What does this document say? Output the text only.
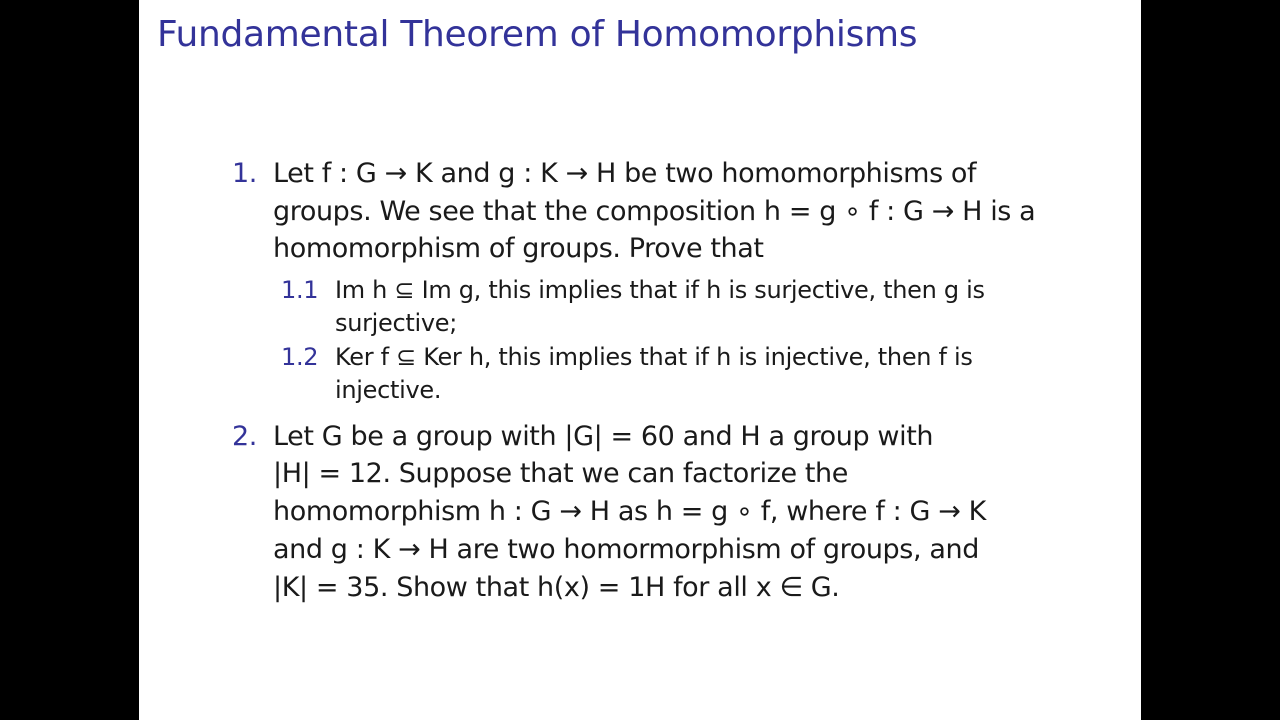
Fundamental Theorem of Homomorphisms
1. Let f : G → K and g : K → H be two homomorphisms of
groups. We see that the composition h = g ∘ f : G → H is a
homomorphism of groups. Prove that
1.1 Im h ⊆ Im g, this implies that if h is surjective, then g is
surjective;
1.2 Ker f ⊆ Ker h, this implies that if h is injective, then f is
injective.
2. Let G be a group with |G| = 60 and H a group with
|H| = 12. Suppose that we can factorize the
homomorphism h : G → H as h = g ∘ f, where f : G → K
and g : K → H are two homormorphism of groups, and
|K| = 35. Show that h(x) = 1H for all x ∈ G.
